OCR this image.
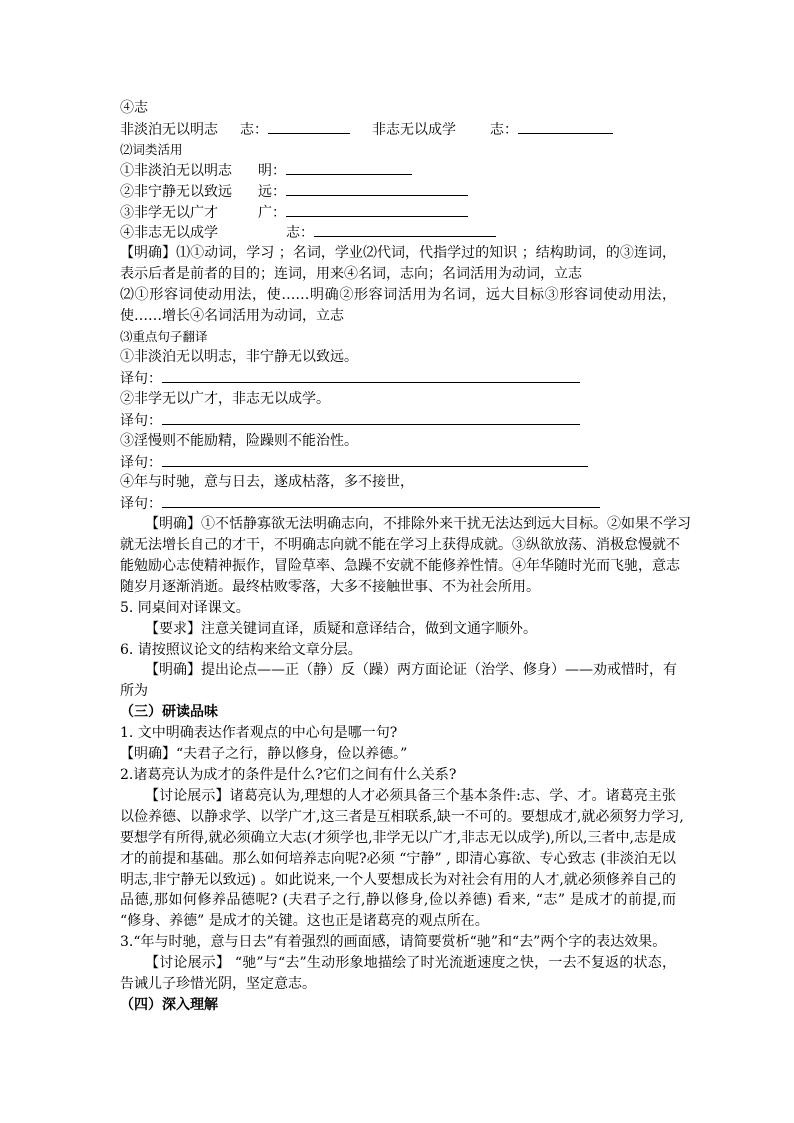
④志
非淡泊无以明志 志：	非志无以成学 志：
⑵词类活用
①非淡泊无以明志 明：
②非宁静无以致远 远：
③非学无以广才	广：
④非志无以成学	志：
【明确】⑴①动词，学习 ；名词，学业⑵代词，代指学过的知识 ；结构助词，的③连词，
表示后者是前者的目的；连词，用来④名词，志向；名词活用为动词，立志
⑵①形容词使动用法，使……明确②形容词活用为名词，远大目标③形容词使动用法，
使……增长④名词活用为动词，立志
⑶重点句子翻译
①非淡泊无以明志，非宁静无以致远。
译句：
②非学无以广才，非志无以成学。
译句：
③淫慢则不能励精，险躁则不能治性。
译句：
④年与时驰，意与日去，遂成枯落，多不接世，
译句：
【明确】①不恬静寡欲无法明确志向，不排除外来干扰无法达到远大目标。②如果不学习
就无法增长自己的才干，不明确志向就不能在学习上获得成就。③纵欲放荡、消极怠慢就不
能勉励心志使精神振作，冒险草率、急躁不安就不能修养性情。④年华随时光而飞驰，意志
随岁月逐渐消逝。最终枯败零落，大多不接触世事、不为社会所用。
5. 同桌间对译课文。
【要求】注意关键词直译，质疑和意译结合，做到文通字顺外。
6. 请按照议论文的结构来给文章分层。
【明确】提出论点——正（静）反（躁）两方面论证（治学、修身）——劝戒惜时，有
所为
（三）研读品味
1. 文中明确表达作者观点的中心句是哪一句?
【明确】“夫君子之行，静以修身，俭以养德。”
2.诸葛亮认为成才的条件是什么?它们之间有什么关系?
【讨论展示】诸葛亮认为,理想的人才必须具备三个基本条件:志、学、才。诸葛亮主张
以俭养德、以静求学、以学广才,这三者是互相联系,缺一不可的。要想成才,就必须努力学习,
要想学有所得,就必须确立大志(才须学也,非学无以广才,非志无以成学),所以,三者中,志是成
才的前提和基础。那么如何培养志向呢?必须 “宁静” , 即清心寡欲、专心致志 (非淡泊无以
明志,非宁静无以致远) 。如此说来,一个人要想成长为对社会有用的人才,就必须修养自己的
品德,那如何修养品德呢? (夫君子之行,静以修身,俭以养德) 看来, “志” 是成才的前提,而
“修身、养德” 是成才的关键。这也正是诸葛亮的观点所在。
3.“年与时驰，意与日去”有着强烈的画面感，请简要赏析“驰”和“去”两个字的表达效果。
【讨论展示】 “驰”与“去”生动形象地描绘了时光流逝速度之快，一去不复返的状态，
告诫儿子珍惜光阴，坚定意志。
（四）深入理解
